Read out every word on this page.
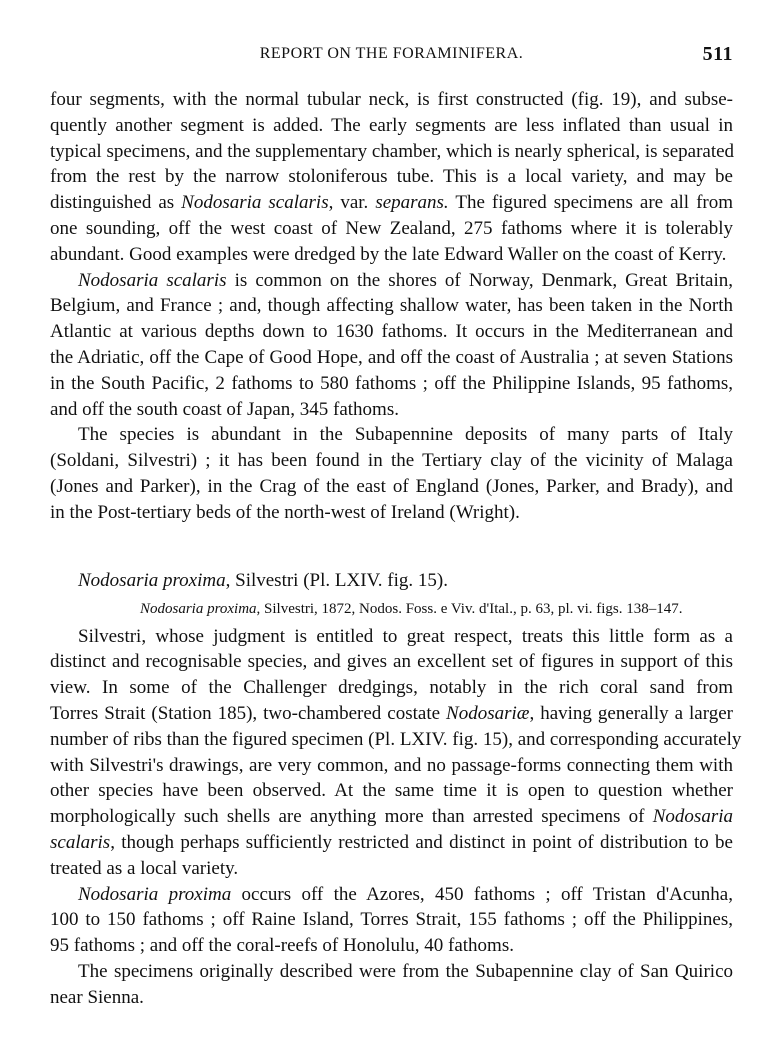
REPORT ON THE FORAMINIFERA.	511
four segments, with the normal tubular neck, is first constructed (fig. 19), and subse-
quently another segment is added. The early segments are less inflated than usual in
typical specimens, and the supplementary chamber, which is nearly spherical, is separated
from the rest by the narrow stoloniferous tube. This is a local variety, and may be
distinguished as Nodosaria scalaris, var. separans. The figured specimens are all from
one sounding, off the west coast of New Zealand, 275 fathoms where it is tolerably
abundant. Good examples were dredged by the late Edward Waller on the coast of Kerry.
Nodosaria scalaris is common on the shores of Norway, Denmark, Great Britain,
Belgium, and France ; and, though affecting shallow water, has been taken in the North
Atlantic at various depths down to 1630 fathoms. It occurs in the Mediterranean and
the Adriatic, off the Cape of Good Hope, and off the coast of Australia ; at seven Stations
in the South Pacific, 2 fathoms to 580 fathoms ; off the Philippine Islands, 95 fathoms,
and off the south coast of Japan, 345 fathoms.
The species is abundant in the Subapennine deposits of many parts of Italy
(Soldani, Silvestri) ; it has been found in the Tertiary clay of the vicinity of Malaga
(Jones and Parker), in the Crag of the east of England (Jones, Parker, and Brady), and
in the Post-tertiary beds of the north-west of Ireland (Wright).
Nodosaria proxima, Silvestri (Pl. LXIV. fig. 15).
Nodosaria proxima, Silvestri, 1872, Nodos. Foss. e Viv. d'Ital., p. 63, pl. vi. figs. 138–147.
Silvestri, whose judgment is entitled to great respect, treats this little form as a
distinct and recognisable species, and gives an excellent set of figures in support of this
view. In some of the Challenger dredgings, notably in the rich coral sand from
Torres Strait (Station 185), two-chambered costate Nodosariæ, having generally a larger
number of ribs than the figured specimen (Pl. LXIV. fig. 15), and corresponding accurately
with Silvestri's drawings, are very common, and no passage-forms connecting them with
other species have been observed. At the same time it is open to question whether
morphologically such shells are anything more than arrested specimens of Nodosaria
scalaris, though perhaps sufficiently restricted and distinct in point of distribution to be
treated as a local variety.
Nodosaria proxima occurs off the Azores, 450 fathoms ; off Tristan d'Acunha,
100 to 150 fathoms ; off Raine Island, Torres Strait, 155 fathoms ; off the Philippines,
95 fathoms ; and off the coral-reefs of Honolulu, 40 fathoms.
The specimens originally described were from the Subapennine clay of San Quirico
near Sienna.
